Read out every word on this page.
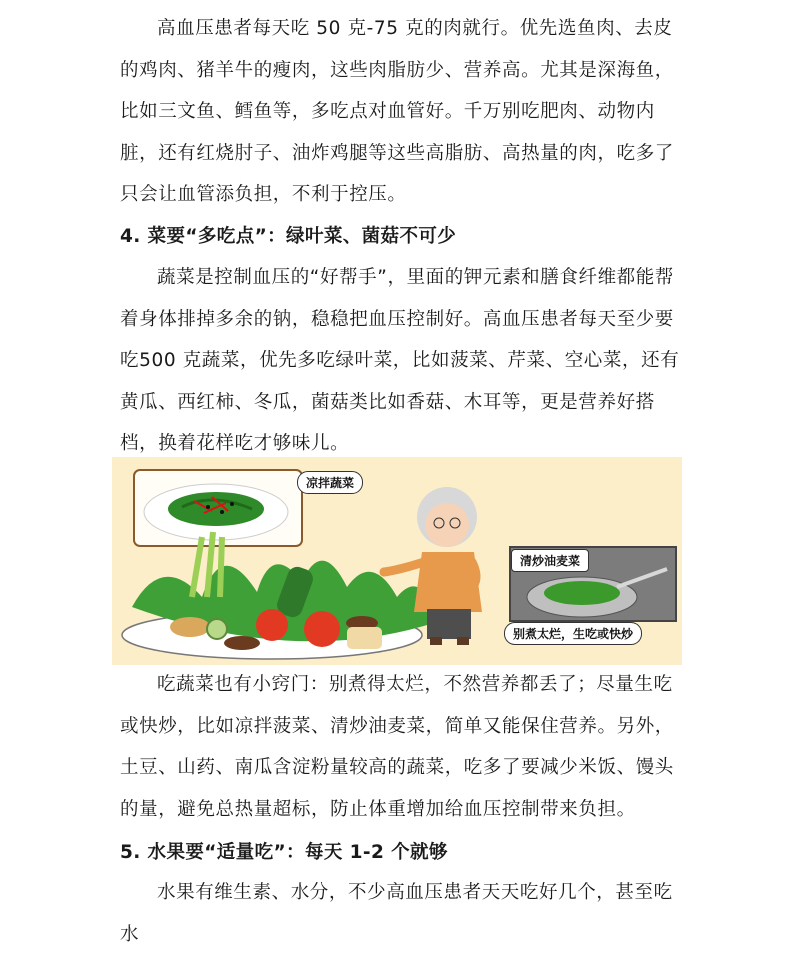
高血压患者每天吃 50 克-75 克的肉就行。优先选鱼肉、去皮的鸡肉、猪羊牛的瘦肉，这些肉脂肪少、营养高。尤其是深海鱼，比如三文鱼、鳕鱼等，多吃点对血管好。千万别吃肥肉、动物内脏，还有红烧肘子、油炸鸡腿等这些高脂肪、高热量的肉，吃多了只会让血管添负担，不利于控压。

4. 菜要“多吃点”：绿叶菜、菌菇不可少

蔬菜是控制血压的“好帮手”，里面的钾元素和膳食纤维都能帮着身体排掉多余的钠，稳稳把血压控制好。高血压患者每天至少要吃500 克蔬菜，优先多吃绿叶菜，比如菠菜、芹菜、空心菜，还有黄瓜、西红柿、冬瓜，菌菇类比如香菇、木耳等，更是营养好搭档，换着花样吃才够味儿。

凉拌蔬菜
清炒油麦菜
别煮太烂，生吃或快炒

吃蔬菜也有小窍门：别煮得太烂，不然营养都丢了；尽量生吃或快炒，比如凉拌菠菜、清炒油麦菜，简单又能保住营养。另外，土豆、山药、南瓜含淀粉量较高的蔬菜，吃多了要减少米饭、馒头的量，避免总热量超标，防止体重增加给血压控制带来负担。

5. 水果要“适量吃”：每天 1-2 个就够

水果有维生素、水分，不少高血压患者天天吃好几个，甚至吃水
